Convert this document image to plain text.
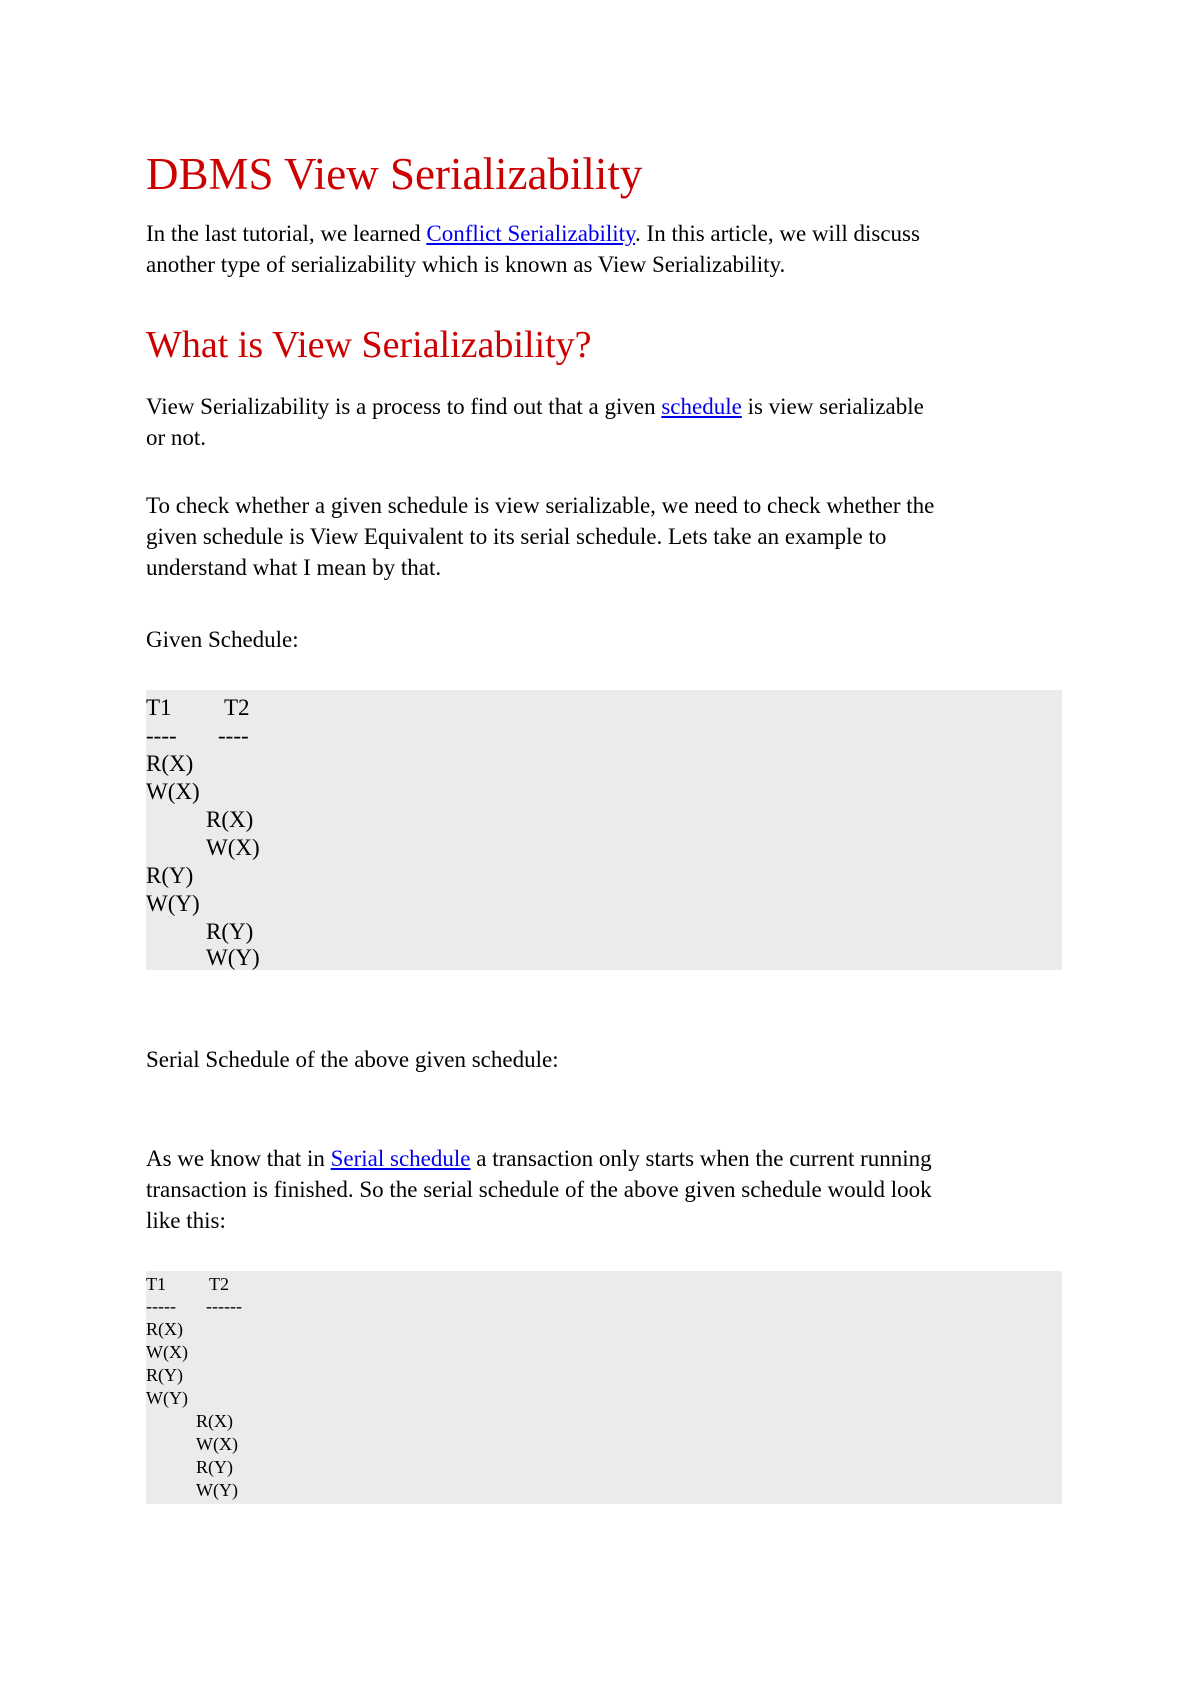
DBMS View Serializability

In the last tutorial, we learned Conflict Serializability. In this article, we will discuss
another type of serializability which is known as View Serializability.

What is View Serializability?

View Serializability is a process to find out that a given schedule is view serializable
or not.

To check whether a given schedule is view serializable, we need to check whether the
given schedule is View Equivalent to its serial schedule. Lets take an example to
understand what I mean by that.

Given Schedule:

T1 T2
---- ----
R(X)
W(X)
R(X)
W(X)
R(Y)
W(Y)
R(Y)
W(Y)

Serial Schedule of the above given schedule:

As we know that in Serial schedule a transaction only starts when the current running
transaction is finished. So the serial schedule of the above given schedule would look
like this:

T1 T2
----- ------
R(X)
W(X)
R(Y)
W(Y)
R(X)
W(X)
R(Y)
W(Y)
